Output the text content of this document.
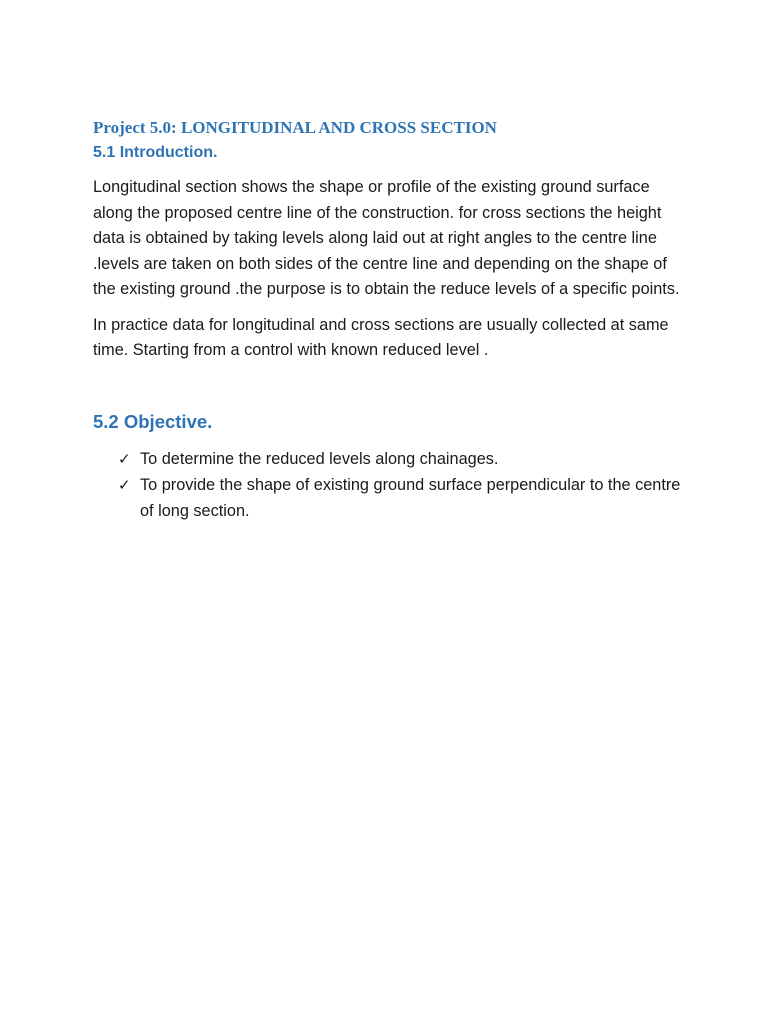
Project 5.0: LONGITUDINAL AND CROSS SECTION
5.1 Introduction.

Longitudinal section shows the shape or profile of the existing ground surface along the proposed centre line of the construction. for cross sections the height data is obtained by taking levels along laid out at right angles to the centre line .levels are taken on both sides of the centre line and depending on the shape of the existing ground .the purpose is to obtain the reduce levels of a specific points.

In practice data for longitudinal and cross sections are usually collected at same time. Starting from a control with known reduced level .

5.2 Objective.
✓ To determine the reduced levels along chainages.
✓ To provide the shape of existing ground surface perpendicular to the centre of long section.
